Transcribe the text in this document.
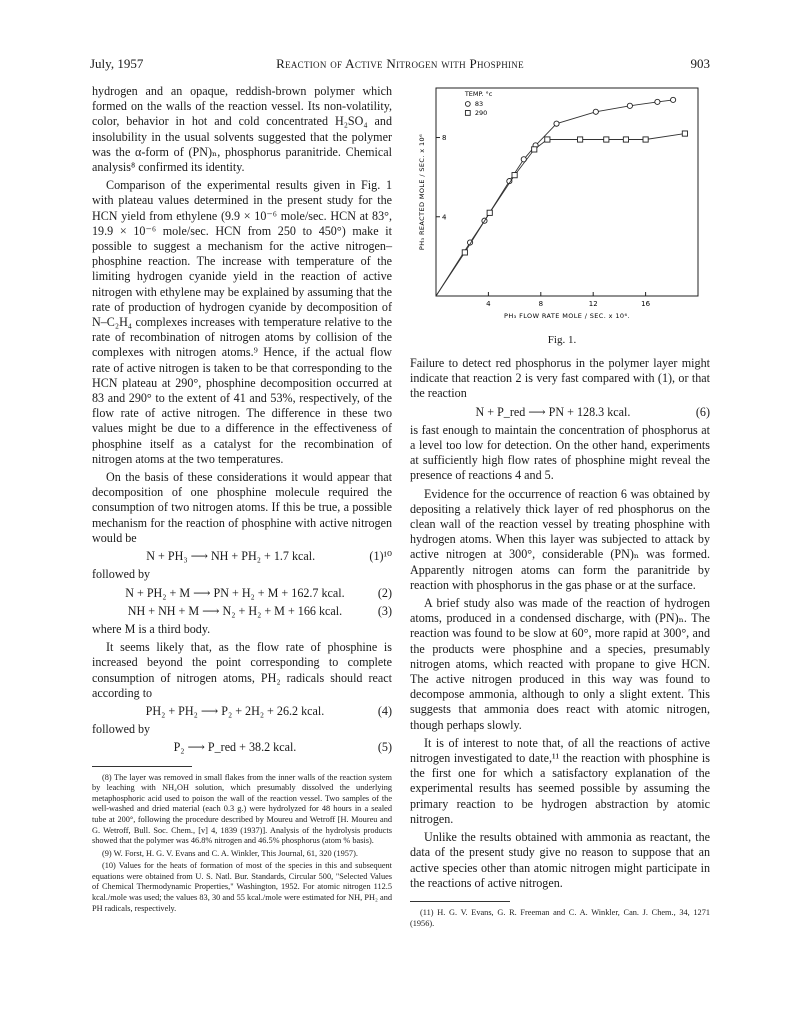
July, 1957	Reaction of Active Nitrogen with Phosphine	903

hydrogen and an opaque, reddish-brown polymer which formed on the walls of the reaction vessel. Its non-volatility, color, behavior in hot and cold concentrated H₂SO₄ and insolubility in the usual solvents suggested that the polymer was the α-form of (PN)ₙ, phosphorus paranitride. Chemical analysis⁸ confirmed its identity.

Comparison of the experimental results given in Fig. 1 with plateau values determined in the present study for the HCN yield from ethylene (9.9 × 10⁻⁶ mole/sec. HCN at 83°, 19.9 × 10⁻⁶ mole/sec. HCN from 250 to 450°) make it possible to suggest a mechanism for the active nitrogen–phosphine reaction. The increase with temperature of the limiting hydrogen cyanide yield in the reaction of active nitrogen with ethylene may be explained by assuming that the rate of production of hydrogen cyanide by decomposition of N–C₂H₄ complexes increases with temperature relative to the rate of recombination of nitrogen atoms by collision of the complexes with nitrogen atoms.⁹ Hence, if the actual flow rate of active nitrogen is taken to be that corresponding to the HCN plateau at 290°, phosphine decomposition occurred at 83 and 290° to the extent of 41 and 53%, respectively, of the flow rate of active nitrogen. The difference in these two values might be due to a difference in the effectiveness of phosphine itself as a catalyst for the recombination of nitrogen atoms at the two temperatures.

On the basis of these considerations it would appear that decomposition of one phosphine molecule required the consumption of two nitrogen atoms. If this be true, a possible mechanism for the reaction of phosphine with active nitrogen would be

N + PH₃ ⟶ NH + PH₂ + 1.7 kcal.	(1)¹⁰

followed by

N + PH₂ + M ⟶ PN + H₂ + M + 162.7 kcal.	(2)
NH + NH + M ⟶ N₂ + H₂ + M + 166 kcal.	(3)

where M is a third body.

It seems likely that, as the flow rate of phosphine is increased beyond the point corresponding to complete consumption of nitrogen atoms, PH₂ radicals should react according to

PH₂ + PH₂ ⟶ P₂ + 2H₂ + 26.2 kcal.	(4)

followed by

P₂ ⟶ P_red + 38.2 kcal.	(5)

(8) The layer was removed in small flakes from the inner walls of the reaction system by leaching with NH₄OH solution, which presumably dissolved the underlying metaphosphoric acid used to poison the wall of the reaction vessel. Two samples of the well-washed and dried material (each 0.3 g.) were hydrolyzed for 48 hours in a sealed tube at 200°, following the procedure described by Moureu and Wetroff [H. Moureu and G. Wetroff, Bull. Soc. Chem., [v] 4, 1839 (1937)]. Analysis of the hydrolysis products showed that the polymer was 46.8% nitrogen and 46.5% phosphorus (atom % basis).

(9) W. Forst, H. G. V. Evans and C. A. Winkler, This Journal, 61, 320 (1957).

(10) Values for the heats of formation of most of the species in this and subsequent equations were obtained from U. S. Natl. Bur. Standards, Circular 500, "Selected Values of Chemical Thermodynamic Properties," Washington, 1952. For atomic nitrogen 112.5 kcal./mole was used; the values 83, 30 and 55 kcal./mole were estimated for NH, PH₂ and PH radicals, respectively.

4	8	12	16
4
8
PH₃ FLOW RATE MOLE / SEC. x 10⁶.
PH₃ REACTED MOLE / SEC. x 10⁶
TEMP. °c
83
290
Fig. 1.

Failure to detect red phosphorus in the polymer layer might indicate that reaction 2 is very fast compared with (1), or that the reaction

N + P_red ⟶ PN + 128.3 kcal.	(6)

is fast enough to maintain the concentration of phosphorus at a level too low for detection. On the other hand, experiments at sufficiently high flow rates of phosphine might reveal the presence of reactions 4 and 5.

Evidence for the occurrence of reaction 6 was obtained by depositing a relatively thick layer of red phosphorus on the clean wall of the reaction vessel by treating phosphine with hydrogen atoms. When this layer was subjected to attack by active nitrogen at 300°, considerable (PN)ₙ was formed. Apparently nitrogen atoms can form the paranitride by reaction with phosphorus in the gas phase or at the surface.

A brief study also was made of the reaction of hydrogen atoms, produced in a condensed discharge, with (PN)ₙ. The reaction was found to be slow at 60°, more rapid at 300°, and the products were phosphine and a species, presumably nitrogen atoms, which reacted with propane to give HCN. The active nitrogen produced in this way was found to decompose ammonia, although to only a slight extent. This suggests that ammonia does react with atomic nitrogen, though perhaps slowly.

It is of interest to note that, of all the reactions of active nitrogen investigated to date,¹¹ the reaction with phosphine is the first one for which a satisfactory explanation of the experimental results has seemed possible by assuming the primary reaction to be hydrogen abstraction by atomic nitrogen.

Unlike the results obtained with ammonia as reactant, the data of the present study give no reason to suppose that an active species other than atomic nitrogen might participate in the reactions of active nitrogen.

(11) H. G. V. Evans, G. R. Freeman and C. A. Winkler, Can. J. Chem., 34, 1271 (1956).
